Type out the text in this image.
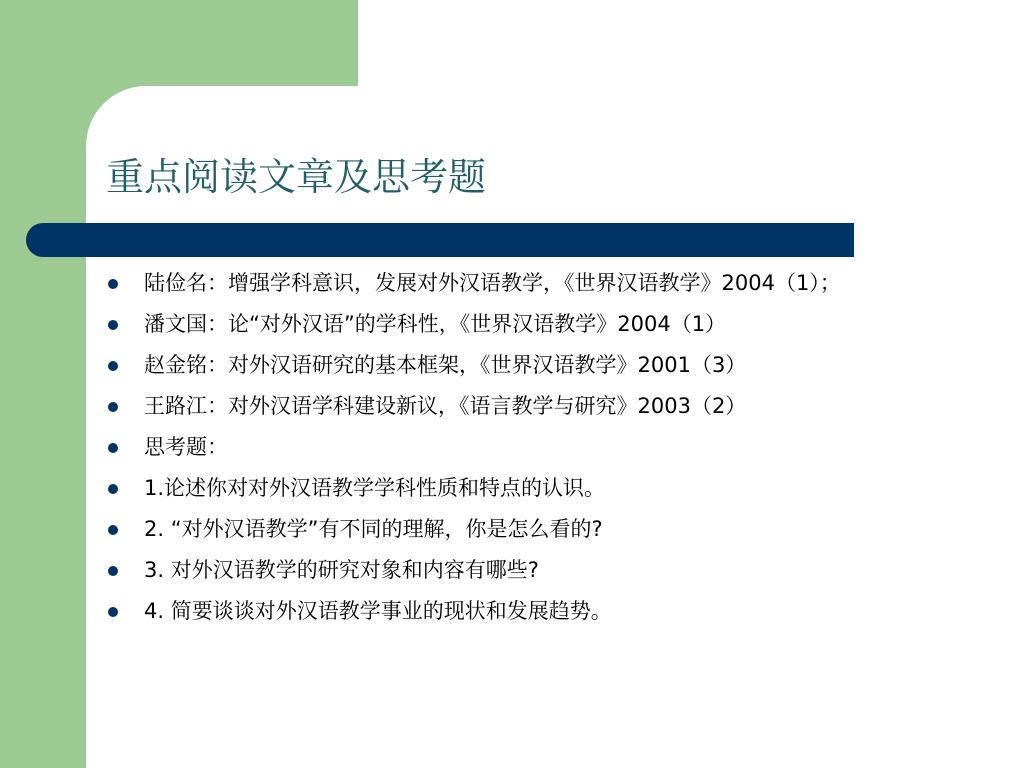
重点阅读文章及思考题
陆俭名：增强学科意识，发展对外汉语教学，《世界汉语教学》2004（1）；
潘文国：论“对外汉语”的学科性，《世界汉语教学》2004（1）
赵金铭：对外汉语研究的基本框架，《世界汉语教学》2001（3）
王路江：对外汉语学科建设新议，《语言教学与研究》2003（2）
思考题：
1.论述你对对外汉语教学学科性质和特点的认识。
2. “对外汉语教学”有不同的理解，你是怎么看的?
3. 对外汉语教学的研究对象和内容有哪些?
4. 简要谈谈对外汉语教学事业的现状和发展趋势。
